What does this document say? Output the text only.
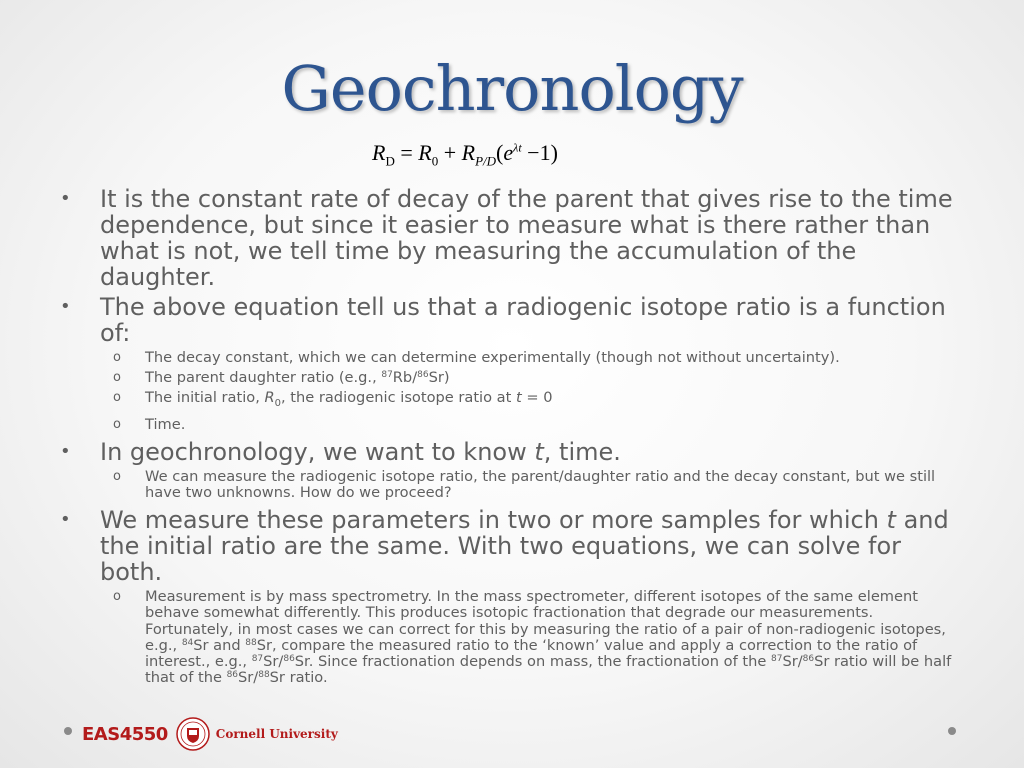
Geochronology
$R_D = R_0 + R_{P/D}(e^{\lambda t} -1)$
• It is the constant rate of decay of the parent that gives rise to the time dependence, but since it easier to measure what is there rather than what is not, we tell time by measuring the accumulation of the daughter.
• The above equation tell us that a radiogenic isotope ratio is a function of:
o The decay constant, which we can determine experimentally (though not without uncertainty).
o The parent daughter ratio (e.g., $^{87}$Rb/$^{86}$Sr)
o The initial ratio, $R_0$, the radiogenic isotope ratio at t = 0
o Time.
• In geochronology, we want to know t, time.
o We can measure the radiogenic isotope ratio, the parent/daughter ratio and the decay constant, but we still have two unknowns. How do we proceed?
• We measure these parameters in two or more samples for which t and the initial ratio are the same. With two equations, we can solve for both.
o Measurement is by mass spectrometry. In the mass spectrometer, different isotopes of the same element behave somewhat differently. This produces isotopic fractionation that degrade our measurements. Fortunately, in most cases we can correct for this by measuring the ratio of a pair of non-radiogenic isotopes, e.g., $^{84}$Sr and $^{88}$Sr, compare the measured ratio to the ‘known’ value and apply a correction to the ratio of interest., e.g., $^{87}$Sr/$^{86}$Sr. Since fractionation depends on mass, the fractionation of the $^{87}$Sr/$^{86}$Sr ratio will be half that of the $^{86}$Sr/$^{88}$Sr ratio.
EAS4550	Cornell University
